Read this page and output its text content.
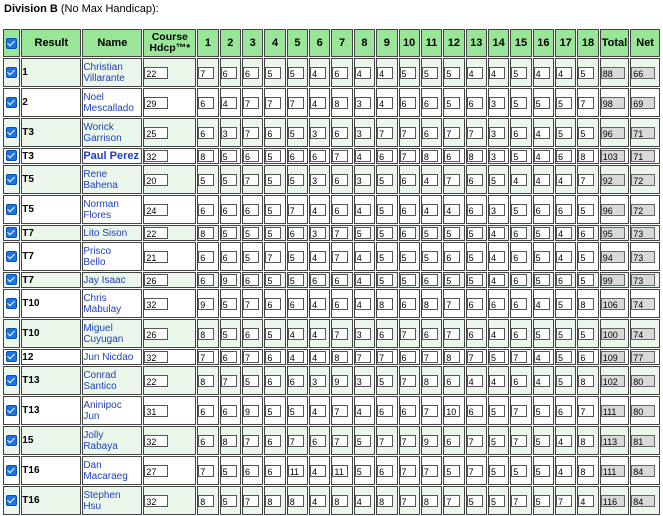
Division B (No Max Handicap):
	Result	Name	Course
Hdcp™*	1	2	3	4	5	6	7	8	9	10	11	12	13	14	15	16	17	18	Total	Net
	1	Christian
Villarante	22	7	6	6	5	5	4	6	4	4	5	5	5	4	4	5	4	4	5	88	66
	2	Noel
Mescallado	29	6	4	7	7	7	4	8	3	4	6	6	5	6	3	5	5	5	7	98	69
	T3	Worick
Garrison	25	6	3	7	6	5	3	6	3	7	7	6	7	7	3	6	4	5	5	96	71
	T3	Paul Perez	32	8	5	6	5	6	6	7	4	6	7	8	6	8	3	5	4	6	8	103	71
	T5	Rene
Bahena	20	5	5	7	5	5	3	6	3	5	6	4	7	6	5	4	4	4	7	92	72
	T5	Norman
Flores	24	6	6	6	5	7	4	6	4	5	6	4	4	6	3	5	6	6	5	96	72
	T7	Lito Sison	22	8	5	5	5	6	3	7	5	5	6	5	5	5	4	6	5	4	6	95	73
	T7	Prisco
Bello	21	6	6	5	7	5	4	7	4	5	5	5	6	5	4	6	5	4	5	94	73
	T7	Jay Isaac	26	6	9	6	5	5	6	6	4	5	5	6	5	5	4	6	5	6	5	99	73
	T10	Chris
Mabulay	32	9	5	7	6	6	4	6	4	8	6	8	7	6	6	6	4	5	8	106	74
	T10	Miguel
Cuyugan	26	8	5	6	5	4	4	7	3	6	7	6	7	6	4	6	5	5	5	100	74
	12	Jun Nicdao	32	7	6	7	6	4	4	8	7	7	6	7	8	7	5	7	4	5	6	109	77
	T13	Conrad
Santico	22	8	7	5	6	6	3	9	3	5	7	8	6	4	4	6	4	5	8	102	80
	T13	Aninipoc
Jun	31	6	6	9	5	5	4	7	4	6	6	7	10	6	5	7	5	6	7	111	80
	15	Jolly
Rabaya	32	6	8	7	6	7	6	7	5	7	7	9	6	7	5	7	5	4	8	113	81
	T16	Dan
Macaraeg	27	7	5	6	6	11	4	11	5	6	7	7	5	7	5	5	5	4	8	111	84
	T16	Stephen
Hsu	32	8	5	7	8	8	4	8	4	8	7	8	7	5	5	7	5	7	4	116	84
